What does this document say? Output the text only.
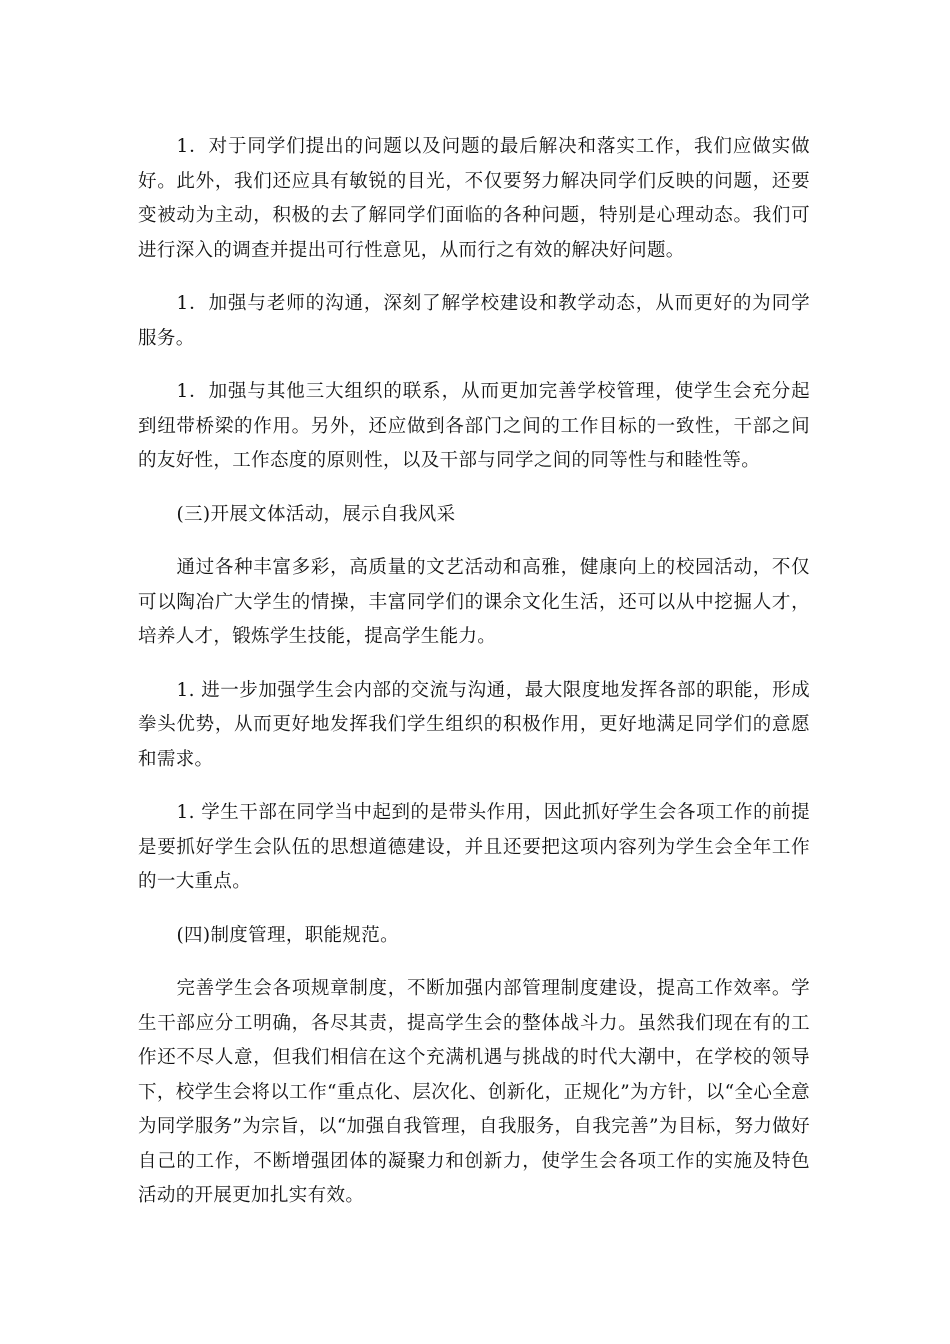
1．对于同学们提出的问题以及问题的最后解决和落实工作，我们应做实做好。此外，我们还应具有敏锐的目光，不仅要努力解决同学们反映的问题，还要变被动为主动，积极的去了解同学们面临的各种问题，特别是心理动态。我们可进行深入的调查并提出可行性意见，从而行之有效的解决好问题。

1．加强与老师的沟通，深刻了解学校建设和教学动态，从而更好的为同学服务。

1．加强与其他三大组织的联系，从而更加完善学校管理，使学生会充分起到纽带桥梁的作用。另外，还应做到各部门之间的工作目标的一致性，干部之间的友好性，工作态度的原则性，以及干部与同学之间的同等性与和睦性等。

(三)开展文体活动，展示自我风采

通过各种丰富多彩，高质量的文艺活动和高雅，健康向上的校园活动，不仅可以陶冶广大学生的情操，丰富同学们的课余文化生活，还可以从中挖掘人才，培养人才，锻炼学生技能，提高学生能力。

1. 进一步加强学生会内部的交流与沟通，最大限度地发挥各部的职能，形成拳头优势，从而更好地发挥我们学生组织的积极作用，更好地满足同学们的意愿和需求。

1. 学生干部在同学当中起到的是带头作用，因此抓好学生会各项工作的前提是要抓好学生会队伍的思想道德建设，并且还要把这项内容列为学生会全年工作的一大重点。

(四)制度管理，职能规范。

完善学生会各项规章制度，不断加强内部管理制度建设，提高工作效率。学生干部应分工明确，各尽其责，提高学生会的整体战斗力。虽然我们现在有的工作还不尽人意，但我们相信在这个充满机遇与挑战的时代大潮中，在学校的领导下，校学生会将以工作“重点化、层次化、创新化，正规化”为方针，以“全心全意为同学服务”为宗旨，以“加强自我管理，自我服务，自我完善”为目标，努力做好自己的工作，不断增强团体的凝聚力和创新力，使学生会各项工作的实施及特色活动的开展更加扎实有效。
